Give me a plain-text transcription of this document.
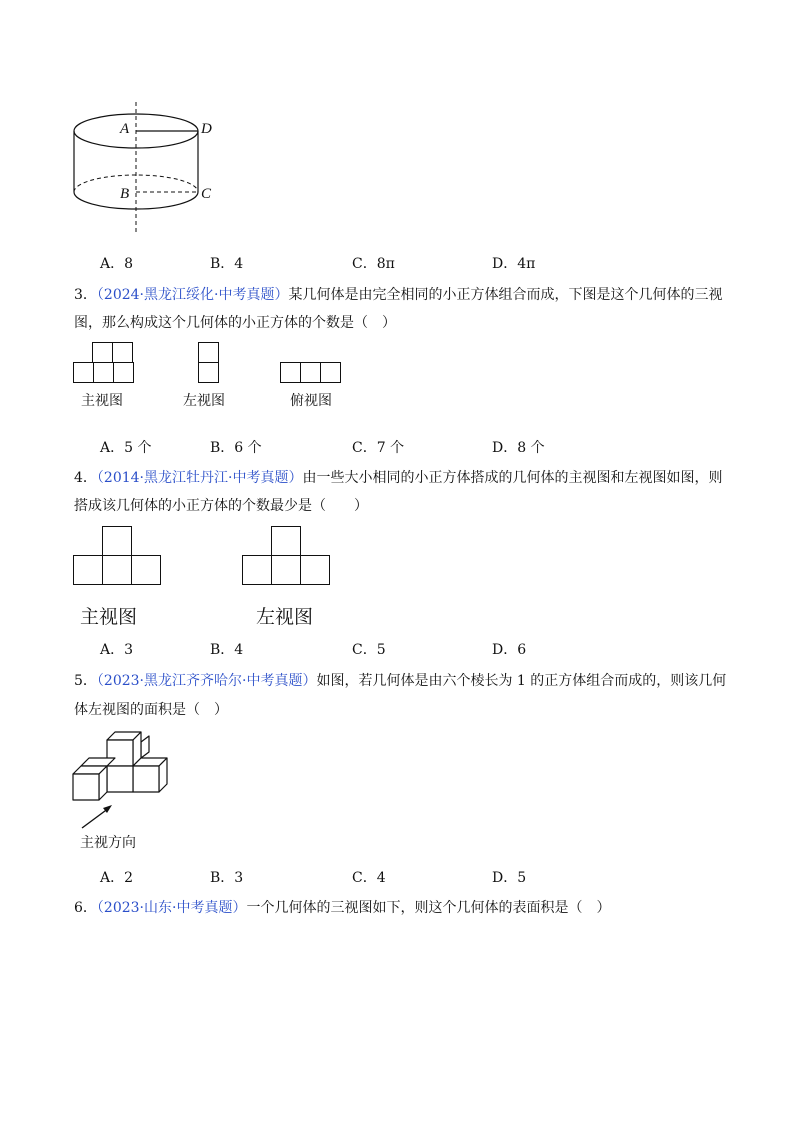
A	D
B	C
A．8	B．4	C．8π	D．4π
3．（2024·黑龙江绥化·中考真题）某几何体是由完全相同的小正方体组合而成，下图是这个几何体的三视
图，那么构成这个几何体的小正方体的个数是（　）
主视图	左视图	俯视图
A．5 个	B．6 个	C．7 个	D．8 个
4．（2014·黑龙江牡丹江·中考真题）由一些大小相同的小正方体搭成的几何体的主视图和左视图如图，则
搭成该几何体的小正方体的个数最少是（　　）
主视图	左视图
A．3	B．4	C．5	D．6
5．（2023·黑龙江齐齐哈尔·中考真题）如图，若几何体是由六个棱长为 1 的正方体组合而成的，则该几何
体左视图的面积是（　）
主视方向
A．2	B．3	C．4	D．5
6．（2023·山东·中考真题）一个几何体的三视图如下，则这个几何体的表面积是（　）
